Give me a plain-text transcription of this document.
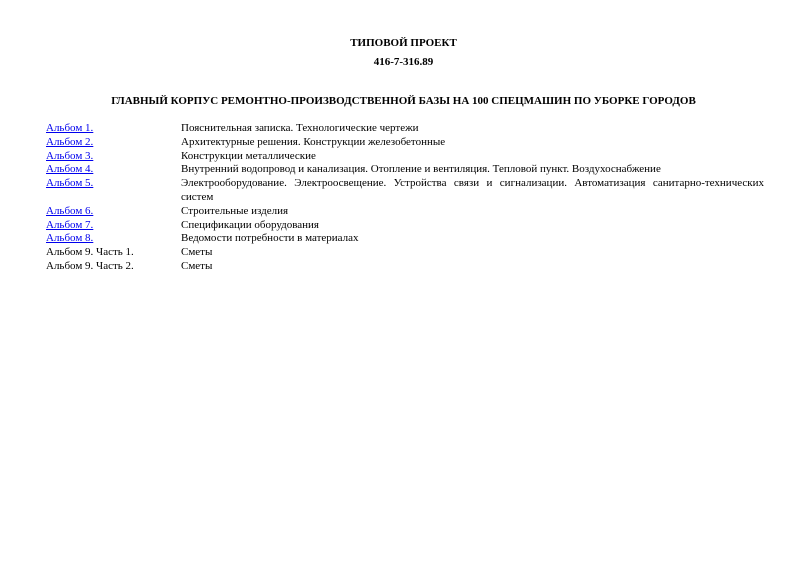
ТИПОВОЙ ПРОЕКТ
416-7-316.89
ГЛАВНЫЙ КОРПУС РЕМОНТНО-ПРОИЗВОДСТВЕННОЙ БАЗЫ НА 100 СПЕЦМАШИН ПО УБОРКЕ ГОРОДОВ
Альбом 1.	Пояснительная записка. Технологические чертежи
Альбом 2.	Архитектурные решения. Конструкции железобетонные
Альбом 3.	Конструкции металлические
Альбом 4.	Внутренний водопровод и канализация. Отопление и вентиляция. Тепловой пункт. Воздухоснабжение
Альбом 5.	Электрооборудование. Электроосвещение. Устройства связи и сигнализации. Автоматизация санитарно-технических систем
Альбом 6.	Строительные изделия
Альбом 7.	Спецификации оборудования
Альбом 8.	Ведомости потребности в материалах
Альбом 9. Часть 1.	Сметы
Альбом 9. Часть 2.	Сметы
